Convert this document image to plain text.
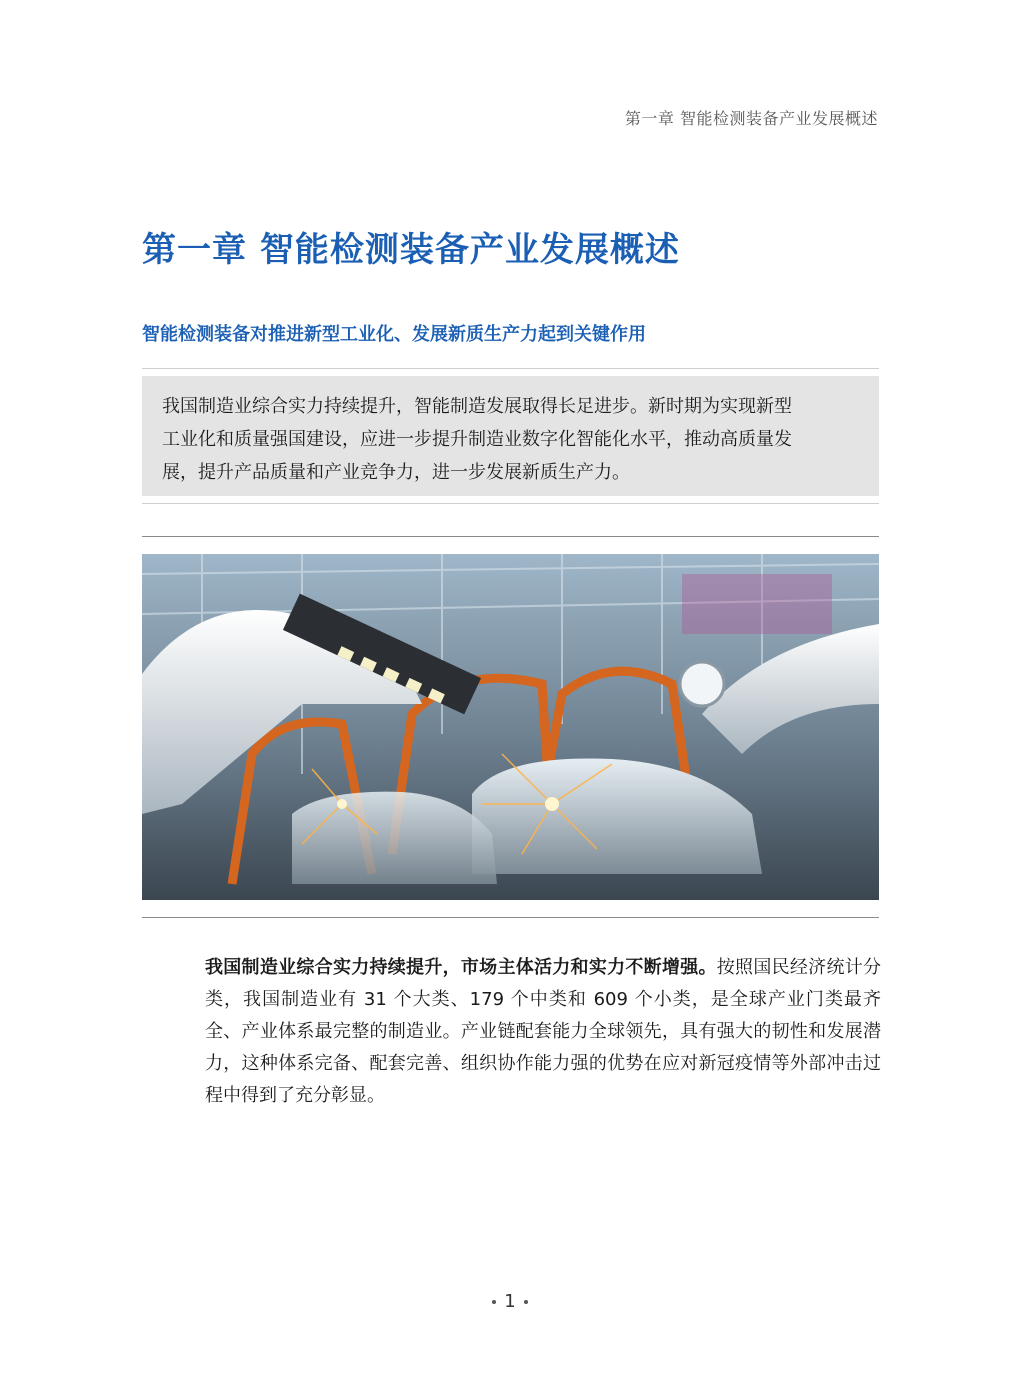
第一章 智能检测装备产业发展概述
第一章 智能检测装备产业发展概述
智能检测装备对推进新型工业化、发展新质生产力起到关键作用

我国制造业综合实力持续提升，智能制造发展取得长足进步。新时期为实现新型
工业化和质量强国建设，应进一步提升制造业数字化智能化水平，推动高质量发
展，提升产品质量和产业竞争力，进一步发展新质生产力。

我国制造业综合实力持续提升，市场主体活力和实力不断增强。按照国民经济统计分类，我国制造业有 31 个大类、179 个中类和 609 个小类，是全球产业门类最齐全、产业体系最完整的制造业。产业链配套能力全球领先，具有强大的韧性和发展潜力，这种体系完备、配套完善、组织协作能力强的优势在应对新冠疫情等外部冲击过程中得到了充分彰显。

1
